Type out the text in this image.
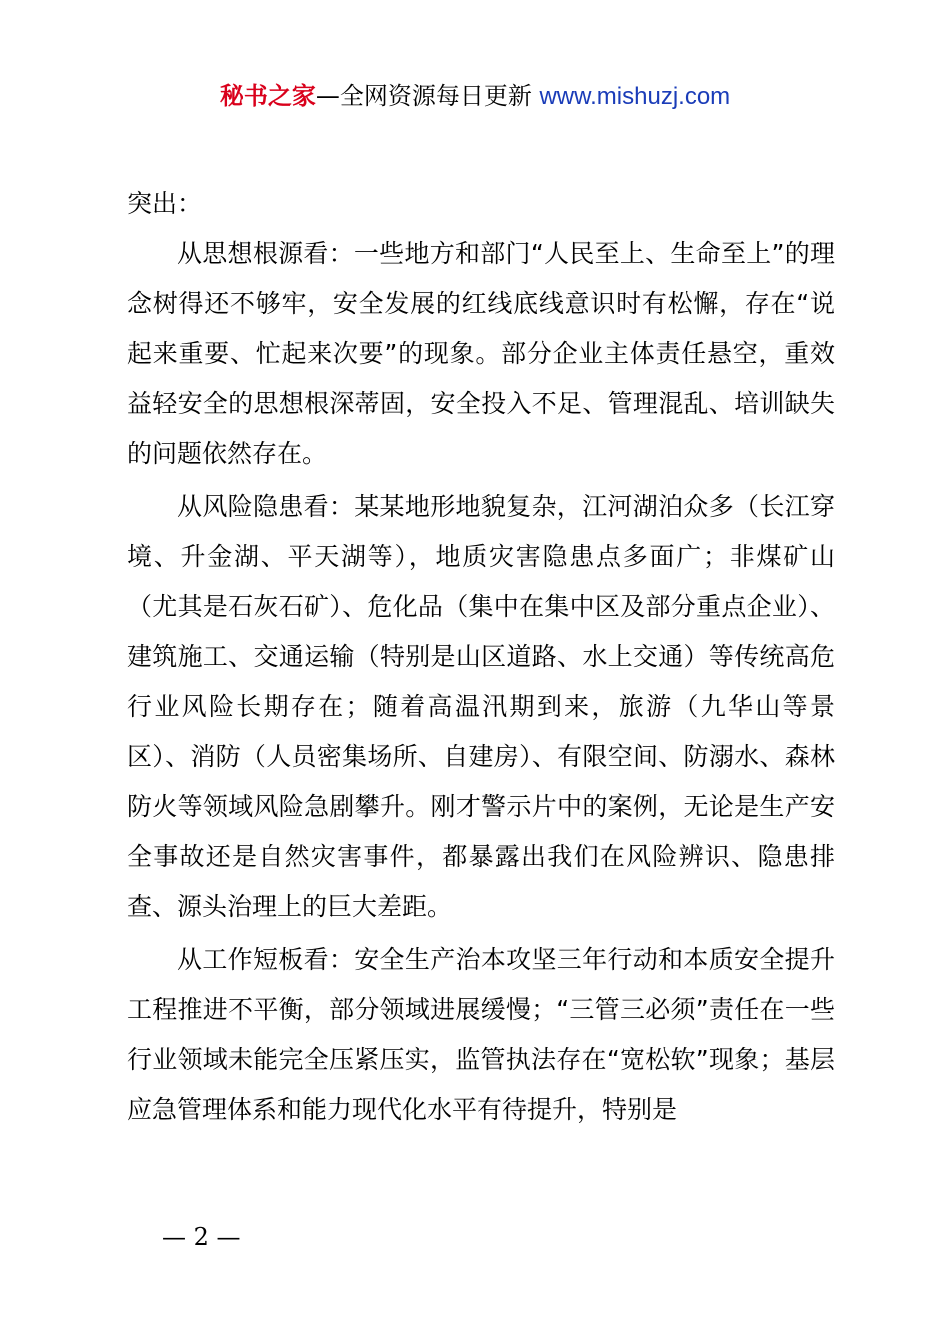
秘书之家—全网资源每日更新 www.mishuzj.com

突出：

从思想根源看：一些地方和部门“人民至上、生命至上”的理念树得还不够牢，安全发展的红线底线意识时有松懈，存在“说起来重要、忙起来次要”的现象。部分企业主体责任悬空，重效益轻安全的思想根深蒂固，安全投入不足、管理混乱、培训缺失的问题依然存在。

从风险隐患看：某某地形地貌复杂，江河湖泊众多（长江穿境、升金湖、平天湖等），地质灾害隐患点多面广；非煤矿山（尤其是石灰石矿）、危化品（集中在集中区及部分重点企业）、建筑施工、交通运输（特别是山区道路、水上交通）等传统高危行业风险长期存在；随着高温汛期到来，旅游（九华山等景区）、消防（人员密集场所、自建房）、有限空间、防溺水、森林防火等领域风险急剧攀升。刚才警示片中的案例，无论是生产安全事故还是自然灾害事件，都暴露出我们在风险辨识、隐患排查、源头治理上的巨大差距。

从工作短板看：安全生产治本攻坚三年行动和本质安全提升工程推进不平衡，部分领域进展缓慢；“三管三必须”责任在一些行业领域未能完全压紧压实，监管执法存在“宽松软”现象；基层应急管理体系和能力现代化水平有待提升，特别是

— 2 —
